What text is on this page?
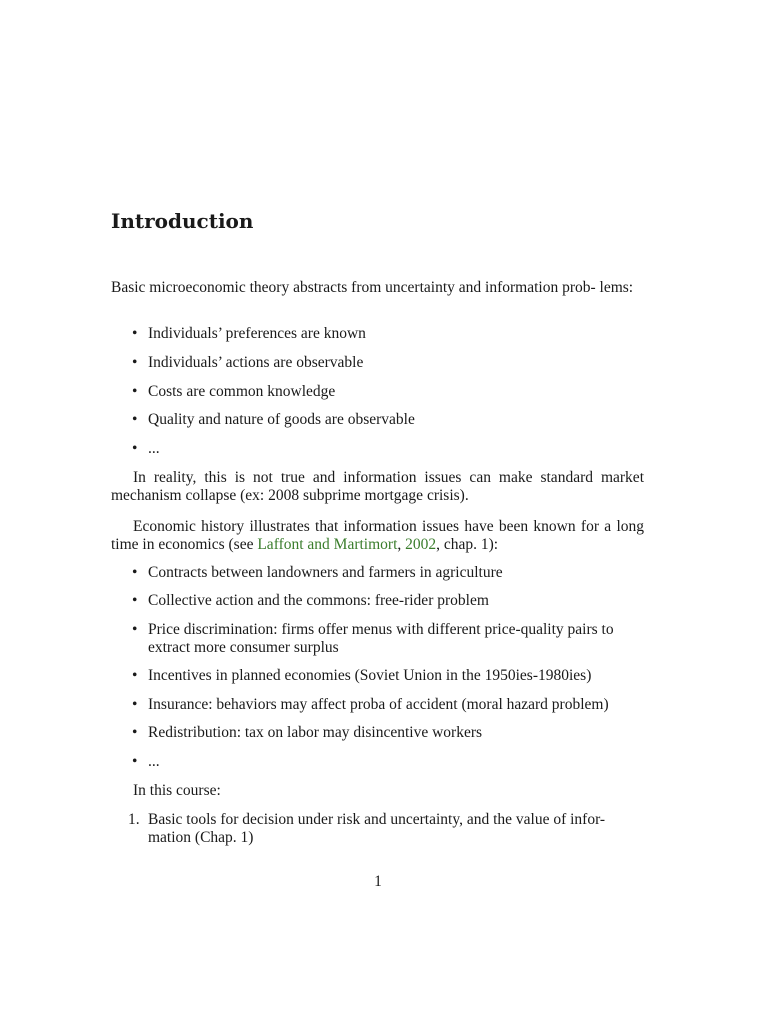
Introduction

Basic microeconomic theory abstracts from uncertainty and information prob- lems:

• Individuals’ preferences are known
• Individuals’ actions are observable
• Costs are common knowledge
• Quality and nature of goods are observable
• ...

In reality, this is not true and information issues can make standard market mechanism collapse (ex: 2008 subprime mortgage crisis).

Economic history illustrates that information issues have been known for a long time in economics (see Laffont and Martimort, 2002, chap. 1):

• Contracts between landowners and farmers in agriculture
• Collective action and the commons: free-rider problem
• Price discrimination: firms offer menus with different price-quality pairs to extract more consumer surplus
• Incentives in planned economies (Soviet Union in the 1950ies-1980ies)
• Insurance: behaviors may affect proba of accident (moral hazard problem)
• Redistribution: tax on labor may disincentive workers
• ...

In this course:

1. Basic tools for decision under risk and uncertainty, and the value of infor- mation (Chap. 1)
1
